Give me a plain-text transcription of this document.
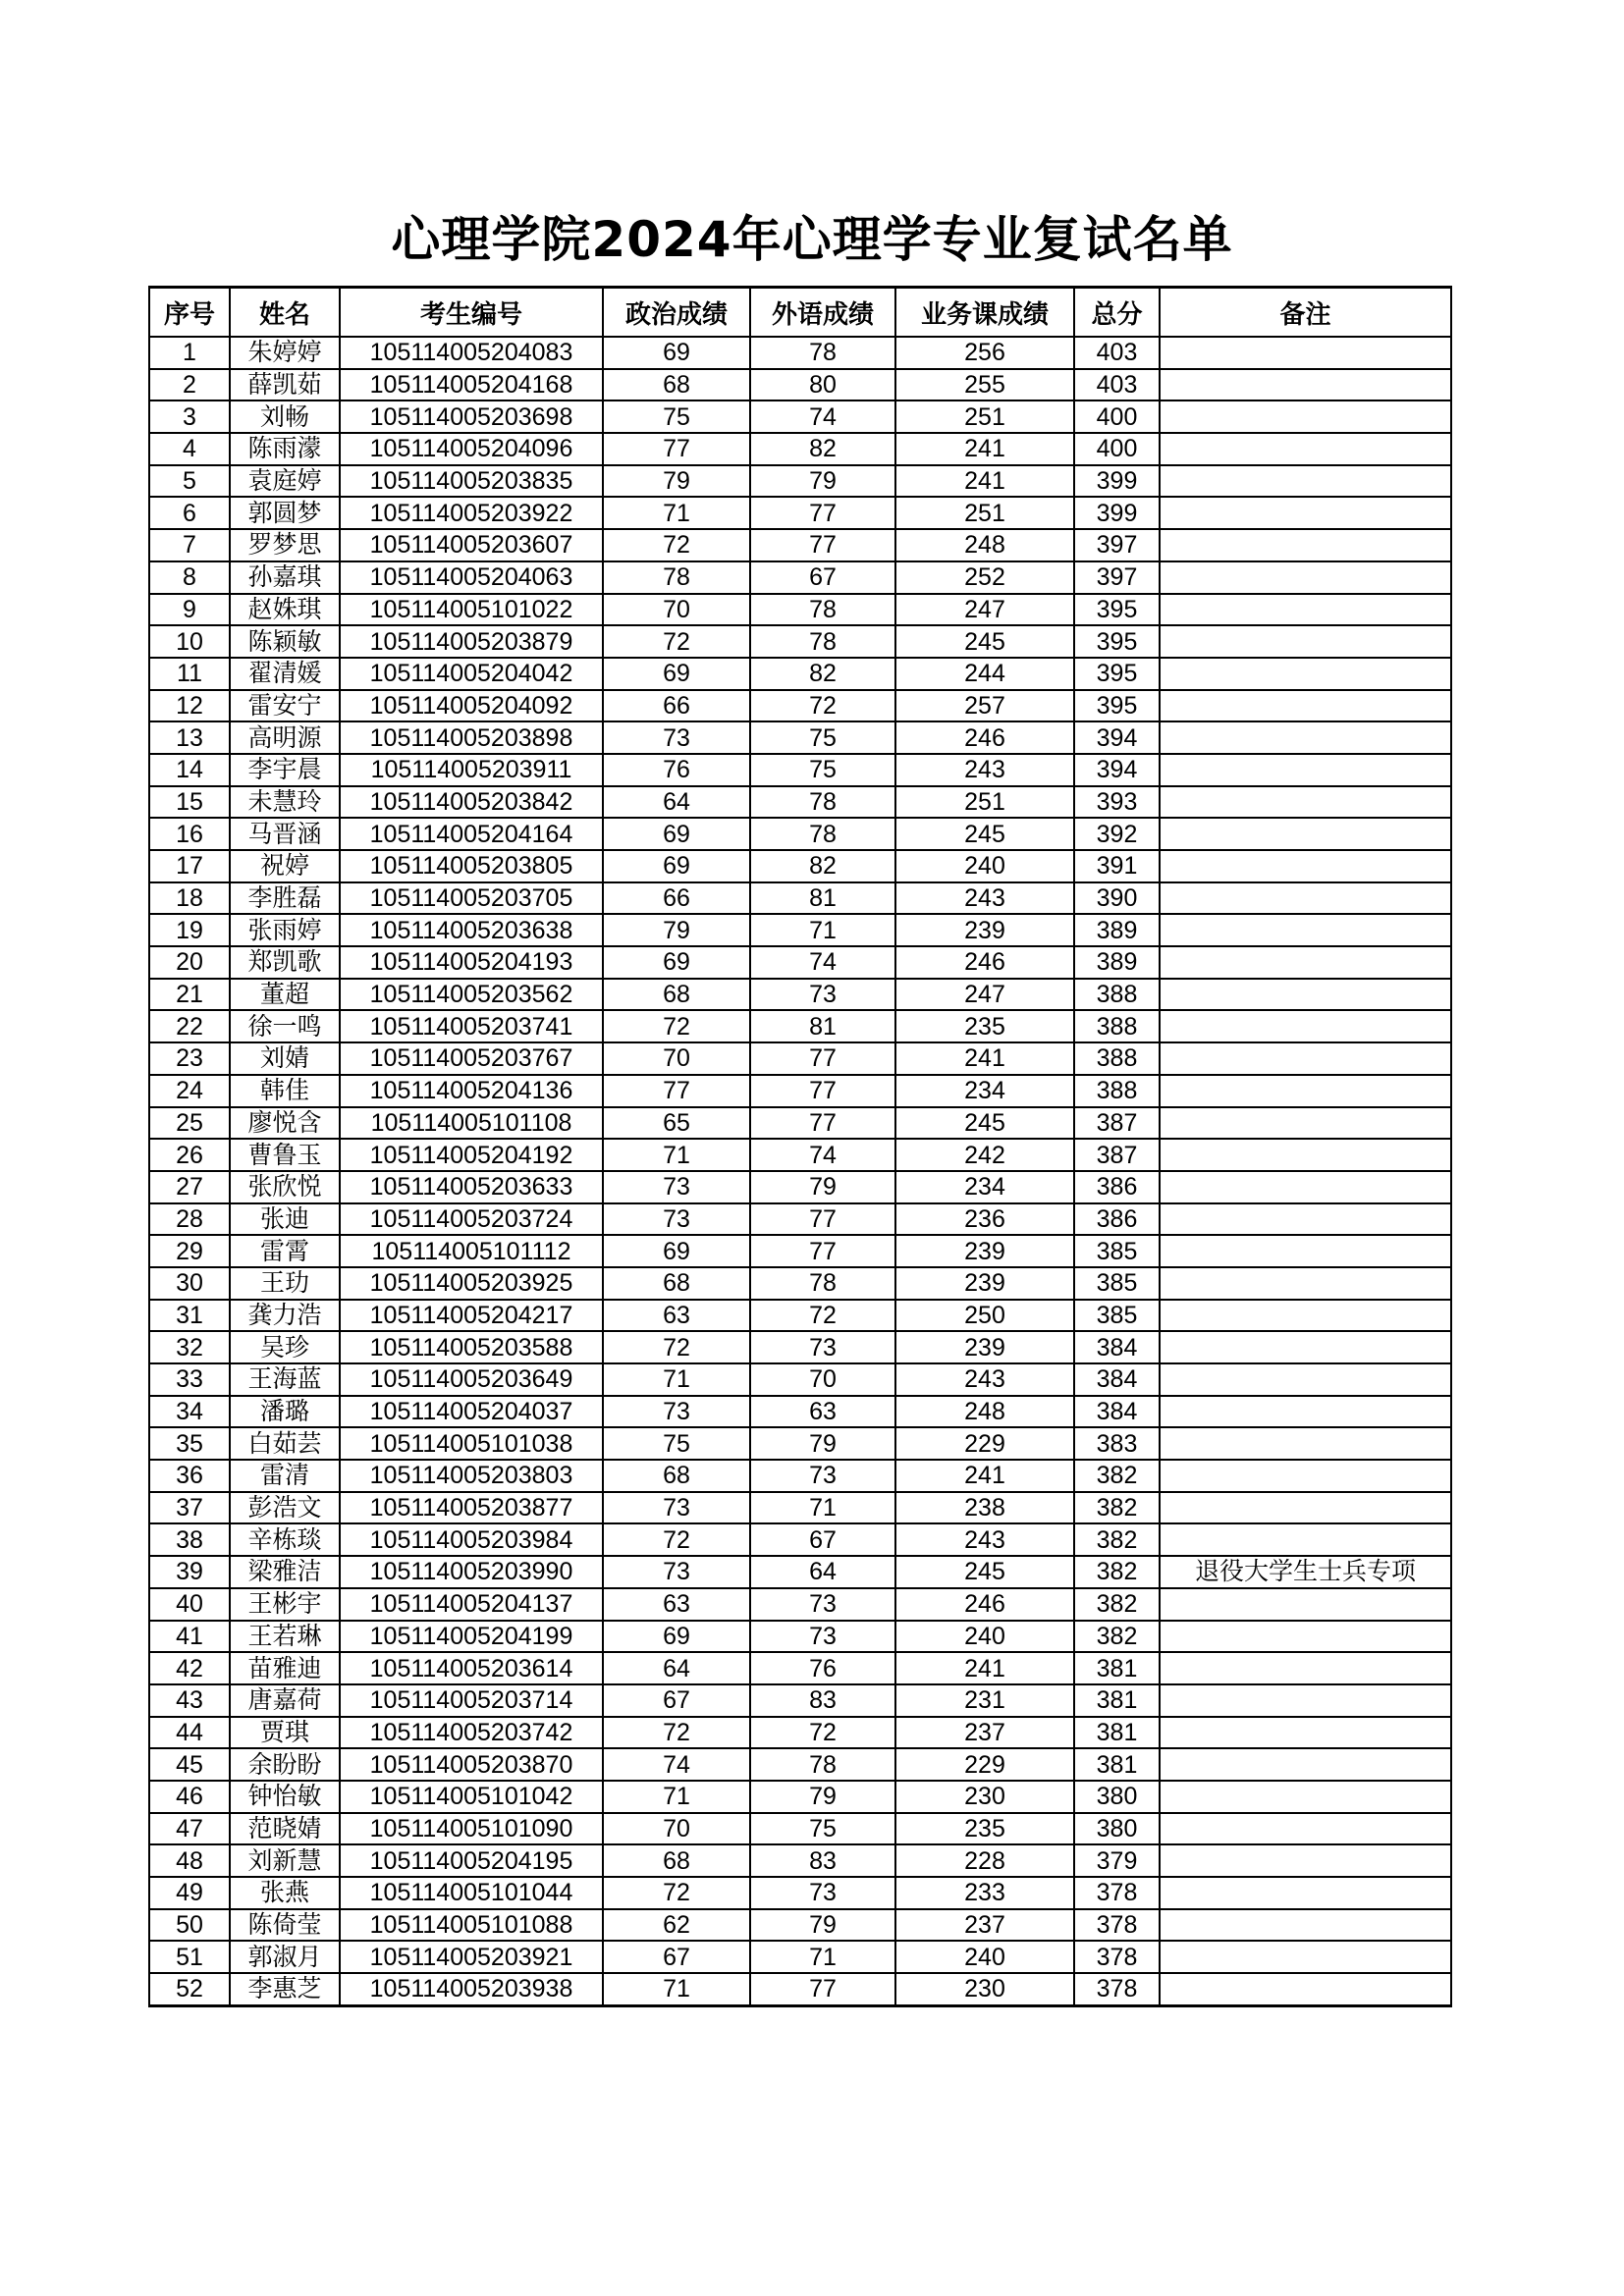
心理学院2024年心理学专业复试名单
序号	姓名	考生编号	政治成绩	外语成绩	业务课成绩	总分	备注
1	朱婷婷	105114005204083	69	78	256	403	
2	薛凯茹	105114005204168	68	80	255	403	
3	刘畅	105114005203698	75	74	251	400	
4	陈雨濛	105114005204096	77	82	241	400	
5	袁庭婷	105114005203835	79	79	241	399	
6	郭圆梦	105114005203922	71	77	251	399	
7	罗梦思	105114005203607	72	77	248	397	
8	孙嘉琪	105114005204063	78	67	252	397	
9	赵姝琪	105114005101022	70	78	247	395	
10	陈颖敏	105114005203879	72	78	245	395	
11	翟清媛	105114005204042	69	82	244	395	
12	雷安宁	105114005204092	66	72	257	395	
13	高明源	105114005203898	73	75	246	394	
14	李宇晨	105114005203911	76	75	243	394	
15	未慧玲	105114005203842	64	78	251	393	
16	马晋涵	105114005204164	69	78	245	392	
17	祝婷	105114005203805	69	82	240	391	
18	李胜磊	105114005203705	66	81	243	390	
19	张雨婷	105114005203638	79	71	239	389	
20	郑凯歌	105114005204193	69	74	246	389	
21	董超	105114005203562	68	73	247	388	
22	徐一鸣	105114005203741	72	81	235	388	
23	刘婧	105114005203767	70	77	241	388	
24	韩佳	105114005204136	77	77	234	388	
25	廖悦含	105114005101108	65	77	245	387	
26	曹鲁玉	105114005204192	71	74	242	387	
27	张欣悦	105114005203633	73	79	234	386	
28	张迪	105114005203724	73	77	236	386	
29	雷霄	105114005101112	69	77	239	385	
30	王玏	105114005203925	68	78	239	385	
31	龚力浩	105114005204217	63	72	250	385	
32	吴珍	105114005203588	72	73	239	384	
33	王海蓝	105114005203649	71	70	243	384	
34	潘璐	105114005204037	73	63	248	384	
35	白茹芸	105114005101038	75	79	229	383	
36	雷清	105114005203803	68	73	241	382	
37	彭浩文	105114005203877	73	71	238	382	
38	辛栋琰	105114005203984	72	67	243	382	
39	梁雅洁	105114005203990	73	64	245	382	退役大学生士兵专项
40	王彬宇	105114005204137	63	73	246	382	
41	王若琳	105114005204199	69	73	240	382	
42	苗雅迪	105114005203614	64	76	241	381	
43	唐嘉荷	105114005203714	67	83	231	381	
44	贾琪	105114005203742	72	72	237	381	
45	余盼盼	105114005203870	74	78	229	381	
46	钟怡敏	105114005101042	71	79	230	380	
47	范晓婧	105114005101090	70	75	235	380	
48	刘新慧	105114005204195	68	83	228	379	
49	张燕	105114005101044	72	73	233	378	
50	陈倚莹	105114005101088	62	79	237	378	
51	郭淑月	105114005203921	67	71	240	378	
52	李惠芝	105114005203938	71	77	230	378	
